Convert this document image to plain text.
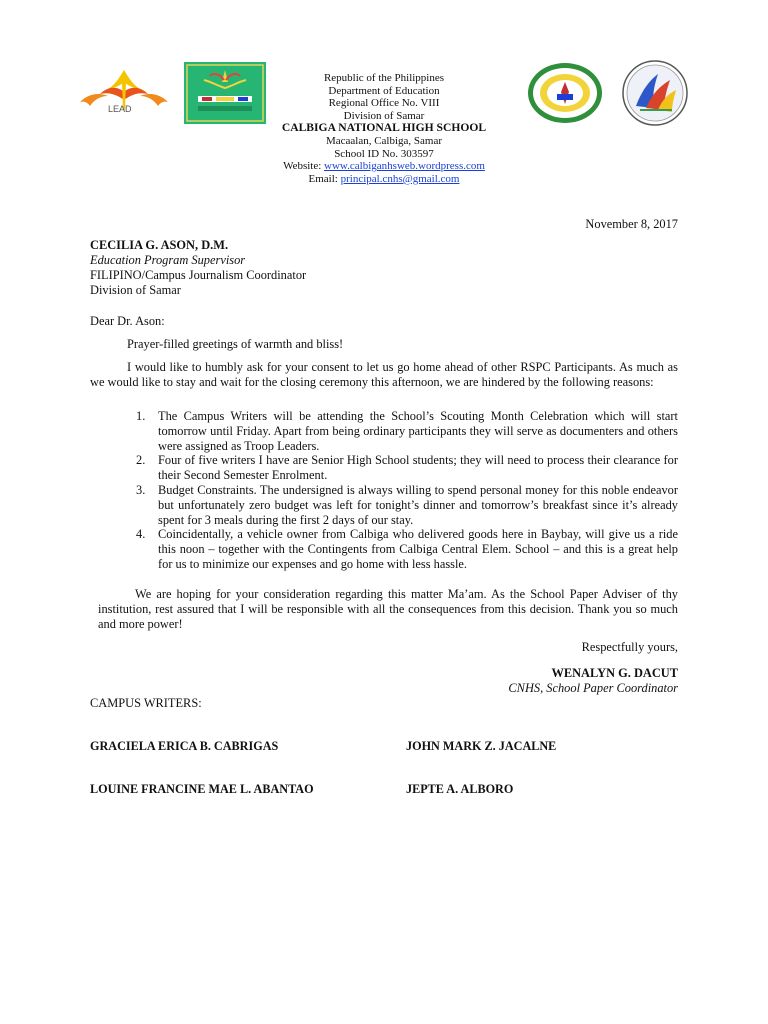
LEAD
Republic of the Philippines
Department of Education
Regional Office No. VIII
Division of Samar
CALBIGA NATIONAL HIGH SCHOOL
Macaalan, Calbiga, Samar
School ID No. 303597
Website: www.calbiganhsweb.wordpress.com
Email: principal.cnhs@gmail.com
November 8, 2017
CECILIA G. ASON, D.M.
Education Program Supervisor
FILIPINO/Campus Journalism Coordinator
Division of Samar
Dear Dr. Ason:
Prayer-filled greetings of warmth and bliss!
I would like to humbly ask for your consent to let us go home ahead of other RSPC Participants. As much as we would like to stay and wait for the closing ceremony this afternoon, we are hindered by the following reasons:
1. The Campus Writers will be attending the School’s Scouting Month Celebration which will start tomorrow until Friday. Apart from being ordinary participants they will serve as documenters and others were assigned as Troop Leaders.
2. Four of five writers I have are Senior High School students; they will need to process their clearance for their Second Semester Enrolment.
3. Budget Constraints. The undersigned is always willing to spend personal money for this noble endeavor but unfortunately zero budget was left for tonight’s dinner and tomorrow’s breakfast since it’s already spent for 3 meals during the first 2 days of our stay.
4. Coincidentally, a vehicle owner from Calbiga who delivered goods here in Baybay, will give us a ride this noon – together with the Contingents from Calbiga Central Elem. School – and this is a great help for us to minimize our expenses and go home with less hassle.
We are hoping for your consideration regarding this matter Ma’am. As the School Paper Adviser of thy institution, rest assured that I will be responsible with all the consequences from this decision. Thank you so much and more power!
Respectfully yours,
WENALYN G. DACUT
CNHS, School Paper Coordinator
CAMPUS WRITERS:
GRACIELA ERICA B. CABRIGAS	JOHN MARK Z. JACALNE
LOUINE FRANCINE MAE L. ABANTAO	JEPTE A. ALBORO
